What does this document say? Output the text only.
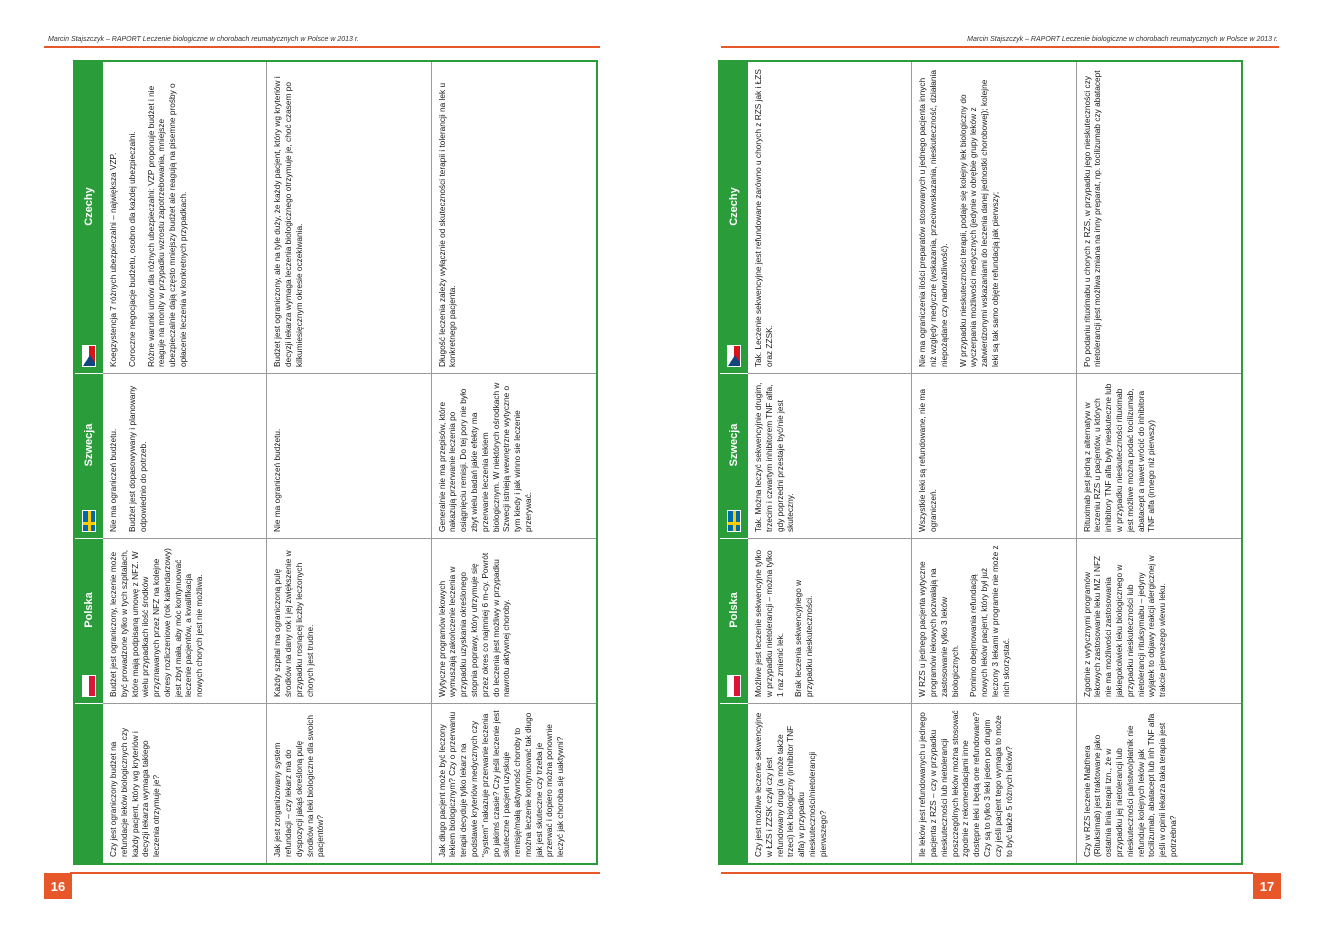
Marcin Stajszczyk – RAPORT Leczenie biologiczne w chorobach reumatycznych w Polsce w 2013 r.
Polska
Szwecja
Czechy

Czy jest ograniczony budżet na refundacje leków biologicznych czy każdy pacjent, który wg kryteriów i decyzji lekarza wymaga takiego leczenia otrzymuje je?

Budżet jest ograniczony, leczenie może być prowadzone tylko w tych szpitalach, które mają podpisaną umowę z NFZ. W wielu przypadkach ilość środków przyznawanych przez NFZ na kolejne okresy rozliczeniowe (rok kalendarzowy) jest zbyt mała, aby móc kontynuować leczenie pacjentów, a kwalifikacja nowych chorych jest nie możliwa.

Nie ma ograniczeń budżetu. Budżet jest dopasowywany i planowany odpowiednio do potrzeb.

Koegzystencja 7 różnych ubezpieczalni – największa VZP. Coroczne negocjacje budżetu, osobno dla każdej ubezpieczalni. Różne warunki umów dla różnych ubezpieczalni: VZP proponuje budżet i nie reaguje na monity w przypadku wzrostu zapotrzebowania, mniejsze ubezpieczalnie dają często mniejszy budżet ale reagują na pisemne prośby o opłacenie leczenia w konkretnych przypadkach.

Jak jest zorganizowany system refundacji – czy lekarz ma do dyspozycji jakąś określoną pulę środków na leki biologiczne dla swoich pacjentów?

Każdy szpital ma ograniczoną pulę środków na dany rok i jej zwiększenie w przypadku rosnącej liczby leczonych chorych jest trudne.

Nie ma ograniczeń budżetu.

Budżet jest ograniczony, ale na tyle duży, że każdy pacjent, który wg kryteriów i decyzji lekarza wymaga leczenia biologicznego otrzymuje je, choć czasem po kilkumiesięcznym okresie oczekiwania.

Jak długo pacjent może być leczony lekiem biologicznym? Czy o przerwaniu terapii decyduje tylko lekarz na podstawie kryteriów medycznych czy "system" nakazuje przerwanie leczenia po jakimś czasie? Czy jeśli leczenie jest skuteczne i pacjent uzyskuje remisję/małą aktywność choroby to można leczenie kontynuować tak długo jak jest skuteczne czy trzeba je przerwać i dopiero można ponownie leczyć jak choroba się uaktywni?

Wytyczne programów lekowych wymuszają zakończenie leczenia w przypadku uzyskania określonego stopnia poprawy, który utrzymuje się przez okres co najmniej 6 m-cy. Powrót do leczenia jest możliwy w przypadku nawrotu aktywnej choroby.

Generalnie nie ma przepisów, które nakazują przerwanie leczenia po osiągnięciu remisji. Do tej pory nie było zbyt wielu badań jakie efekty ma przerwanie leczenia lekiem biologicznym. W niektórych ośrodkach w Szwecji istnieją wewnętrzne wytyczne o tym kiedy i jak winno sie leczenie przerywać.

Długość leczenia zależy wyłącznie od skuteczności terapii i tolerancji na lek u konkretnego pacjenta.

16
Marcin Stajszczyk – RAPORT Leczenie biologiczne w chorobach reumatycznych w Polsce w 2013 r.
Polska
Szwecja
Czechy

Czy jest możliwe leczenie sekwencyjne w ŁZS i ZZSK czyli czy jest refundowany drugi (a może także trzeci) lek biologiczny (inhibitor TNF alfa) w przypadku nieskuteczności/nietolerancji pierwszego?

Możliwe jest leczenie sekwencyjne tylko w przypadku nietolerancji – można tylko 1 raz zmienić lek. Brak leczenia sekwencyjnego w przypadku nieskuteczności.

Tak. Można leczyć sekwencyjnie drugim, trzecim i czwartym inhibitorem TNF alfa, gdy poprzedni przestaje być/nie jest skuteczny.

Tak. Leczenie sekwencyjne jest refundowane zarówno u chorych z RZS jak i ŁZS oraz ZZSK.

Ile leków jest refundowanych u jednego pacjenta z RZS – czy w przypadku nieskuteczności lub nietolerancji poszczególnych leków można stosować zgodnie z rekomendacjami inne dostępne leki i będą one refundowane? Czy są to tylko 3 leki jeden po drugim czy jeśli pacjent tego wymaga to może to być także 5 różnych leków?

W RZS u jednego pacjenta wytyczne programów lekowych pozwalają na zastosowanie tylko 3 leków biologicznych. Pomimo obejmowania refundacją nowych leków pacjent, który był już leczony 3 lekami w programie nie może z nich skorzystać.

Wszystkie leki są refundowane, nie ma ograniczeń.

Nie ma ograniczenia ilości preparatów stosowanych u jednego pacjenta innych niż względy medyczne (wskazania, przeciwwskazania, nieskuteczność, działania niepożądane czy nadwrażliwość). W przypadku nieskuteczności terapii, podaje się kolejny lek biologiczny do wyczerpania możliwości medycznych (jedynie w obrębie grupy leków z zatwierdzonymi wskazaniami do leczenia danej jednostki chorobowej); kolejne leki są tak samo objęte refundacją jak pierwszy;

Czy w RZS leczenie Mabthera (Rituksimab) jest traktowane jako ostatnia linia terapii tzn., że w przypadku jej nietolerancji lub nieskuteczności państwo/płatnik nie refunduje kolejnych leków jak tocilizumab, abatacept lub inh TNF alfa jeśli w opinii lekarza taka terapia jest potrzebna?

Zgodnie z wytycznymi programów lekowych zastosowanie leku MZ i NFZ nie ma możliwości zastosowania jakiegokolwiek leku biologicznego w przypadku nieskuteczności lub nietolerancji rituksymabu – jedyny wyjątek to objawy reakcji alergicznej w trakcie pierwszego wlewu leku.

Rituximab jest jedną z alternatyw w leczeniu RZS u pacjentów, u których inhibitory TNF alfa były nieskuteczne lub w przypadku nieskuteczności rituximab jest możliwe można podać tocilizumab, abatacept a nawet wrócić do inhibitora TNF alfa (innego niż pierwszy)

Po podaniu rituximabu u chorych z RZS, w przypadku jego nieskuteczności czy nietolerancji jest możliwa zmiana na inny preparat, np. tocilizumab czy abatacept

17
